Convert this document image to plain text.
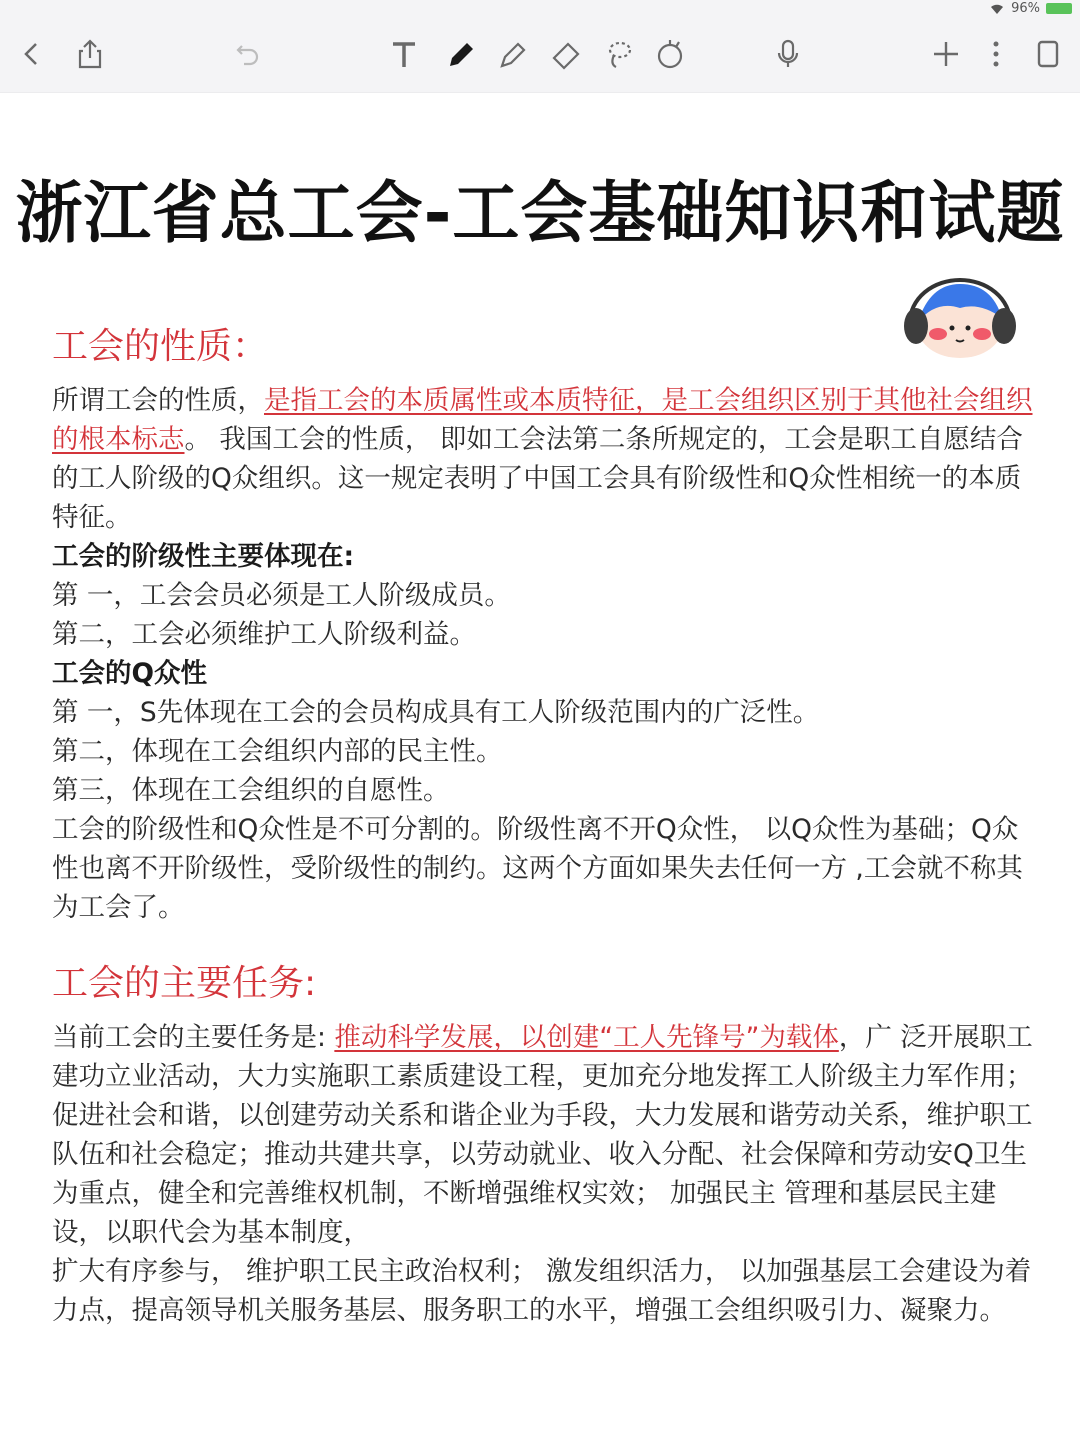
96%
浙江省总工会-工会基础知识和试题
工会的性质：
所谓工会的性质，是指工会的本质属性或本质特征，是工会组织区别于其他社会组织的根本标志。 我国工会的性质， 即如工会法第二条所规定的，工会是职工自愿结合的工人阶级的Q众组织。这一规定表明了中国工会具有阶级性和Q众性相统一的本质特征。
工会的阶级性主要体现在:
第 一，工会会员必须是工人阶级成员。
第二，工会必须维护工人阶级利益。
工会的Q众性
第 一，S先体现在工会的会员构成具有工人阶级范围内的广泛性。
第二，体现在工会组织内部的民主性。
第三，体现在工会组织的自愿性。
工会的阶级性和Q众性是不可分割的。阶级性离不开Q众性， 以Q众性为基础；Q众性也离不开阶级性，受阶级性的制约。这两个方面如果失去任何一方 ,工会就不称其为工会了。
工会的主要任务:
当前工会的主要任务是: 推动科学发展，以创建“工人先锋号”为载体，广 泛开展职工建功立业活动，大力实施职工素质建设工程，更加充分地发挥工人阶级主力军作用； 促进社会和谐，以创建劳动关系和谐企业为手段，大力发展和谐劳动关系，维护职工队伍和社会稳定；推动共建共享，以劳动就业、收入分配、社会保障和劳动安Q卫生为重点，健全和完善维权机制，不断增强维权实效； 加强民主 管理和基层民主建设，以职代会为基本制度，
扩大有序参与， 维护职工民主政治权利； 激发组织活力， 以加强基层工会建设为着力点，提高领导机关服务基层、服务职工的水平，增强工会组织吸引力、凝聚力。
